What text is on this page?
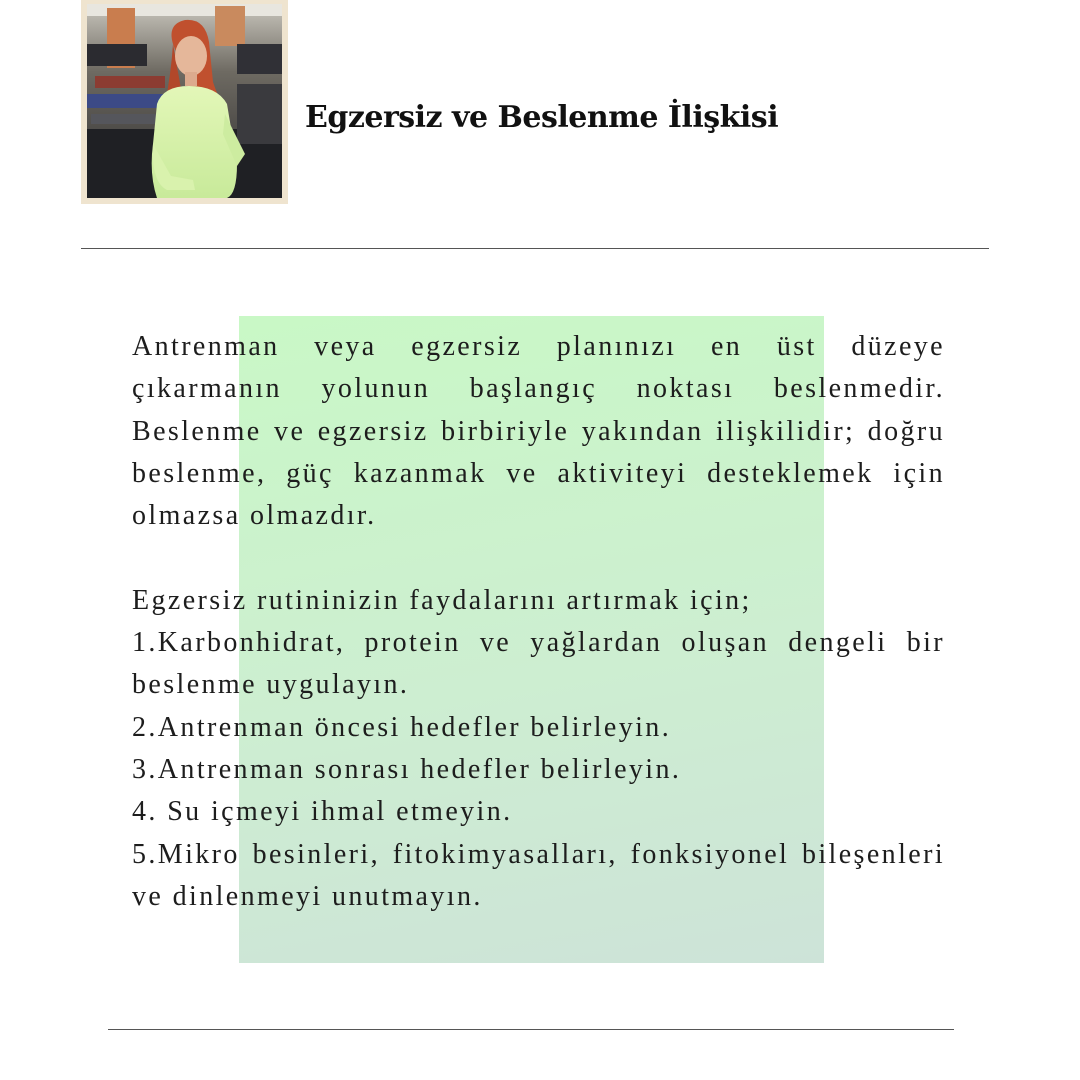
Egzersiz ve Beslenme İlişkisi

Antrenman veya egzersiz planınızı en üst düzeye çıkarmanın yolunun başlangıç noktası beslenmedir. Beslenme ve egzersiz birbiriyle yakından ilişkilidir; doğru beslenme, güç kazanmak ve aktiviteyi desteklemek için olmazsa olmazdır.

Egzersiz rutininizin faydalarını artırmak için;

1.Karbonhidrat, protein ve yağlardan oluşan dengeli bir beslenme uygulayın.

2.Antrenman öncesi hedefler belirleyin.

3.Antrenman sonrası hedefler belirleyin.

4. Su içmeyi ihmal etmeyin.

5.Mikro besinleri, fitokimyasalları, fonksiyonel bileşenleri ve dinlenmeyi unutmayın.
